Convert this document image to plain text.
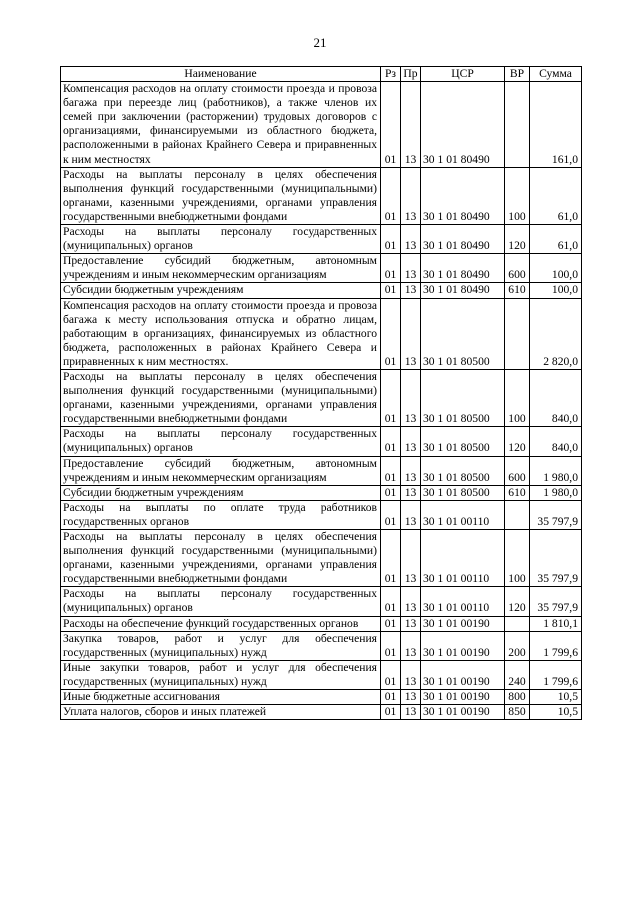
21
Наименование	Рз	Пр	ЦСР	ВР	Сумма
Компенсация расходов на оплату стоимости проезда и провоза багажа при переезде лиц (работников), а также членов их семей при заключении (расторжении) трудовых договоров с организациями, финансируемыми из областного бюджета, расположенными в районах Крайнего Севера и приравненных к ним местностях	01	13	30 1 01 80490		161,0
Расходы на выплаты персоналу в целях обеспечения выполнения функций государственными (муниципальными) органами, казенными учреждениями, органами управления государственными внебюджетными фондами	01	13	30 1 01 80490	100	61,0
Расходы на выплаты персоналу государственных (муниципальных) органов	01	13	30 1 01 80490	120	61,0
Предоставление субсидий бюджетным, автономным учреждениям и иным некоммерческим организациям	01	13	30 1 01 80490	600	100,0
Субсидии бюджетным учреждениям	01	13	30 1 01 80490	610	100,0
Компенсация расходов на оплату стоимости проезда и провоза багажа к месту использования отпуска и обратно лицам, работающим в организациях, финансируемых из областного бюджета, расположенных в районах Крайнего Севера и приравненных к ним местностях.	01	13	30 1 01 80500		2 820,0
Расходы на выплаты персоналу в целях обеспечения выполнения функций государственными (муниципальными) органами, казенными учреждениями, органами управления государственными внебюджетными фондами	01	13	30 1 01 80500	100	840,0
Расходы на выплаты персоналу государственных (муниципальных) органов	01	13	30 1 01 80500	120	840,0
Предоставление субсидий бюджетным, автономным учреждениям и иным некоммерческим организациям	01	13	30 1 01 80500	600	1 980,0
Субсидии бюджетным учреждениям	01	13	30 1 01 80500	610	1 980,0
Расходы на выплаты по оплате труда работников государственных органов	01	13	30 1 01 00110		35 797,9
Расходы на выплаты персоналу в целях обеспечения выполнения функций государственными (муниципальными) органами, казенными учреждениями, органами управления государственными внебюджетными фондами	01	13	30 1 01 00110	100	35 797,9
Расходы на выплаты персоналу государственных (муниципальных) органов	01	13	30 1 01 00110	120	35 797,9
Расходы на обеспечение функций государственных органов	01	13	30 1 01 00190		1 810,1
Закупка товаров, работ и услуг для обеспечения государственных (муниципальных) нужд	01	13	30 1 01 00190	200	1 799,6
Иные закупки товаров, работ и услуг для обеспечения государственных (муниципальных) нужд	01	13	30 1 01 00190	240	1 799,6
Иные бюджетные ассигнования	01	13	30 1 01 00190	800	10,5
Уплата налогов, сборов и иных платежей	01	13	30 1 01 00190	850	10,5
